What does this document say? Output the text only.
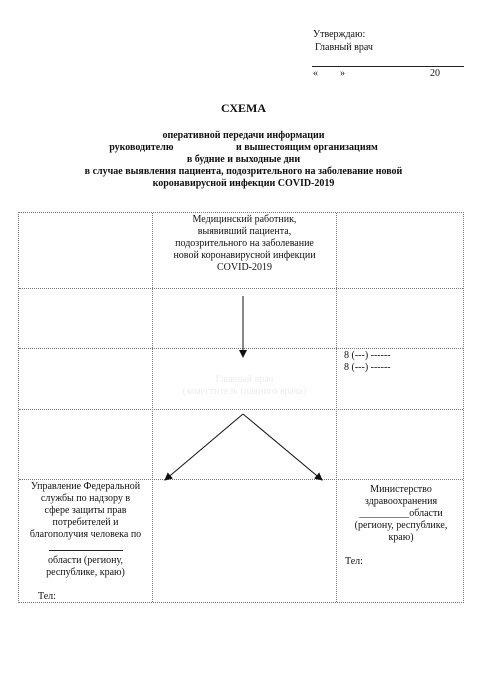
Утверждаю:
Главный врач
« »	20
СХЕМА
оперативной передачи информации
руководителю                         и вышестоящим организациям
в будние и выходные дни
в случае выявления пациента, подозрительного на заболевание новой
коронавирусной инфекции COVID-2019
Медицинский работник,
выявивший пациента,
подозрительного на заболевание
новой коронавирусной инфекции
COVID-2019
Главный врач
(заместитель главного врача)
8 (---) ------
8 (---) ------
Управление Федеральной
службы по надзору в
сфере защиты прав
потребителей и
благополучия человека по
области (региону,
республике, краю)
Тел:
Министерство
здравоохранения
__________области
(региону, республике,
краю)
Тел:
